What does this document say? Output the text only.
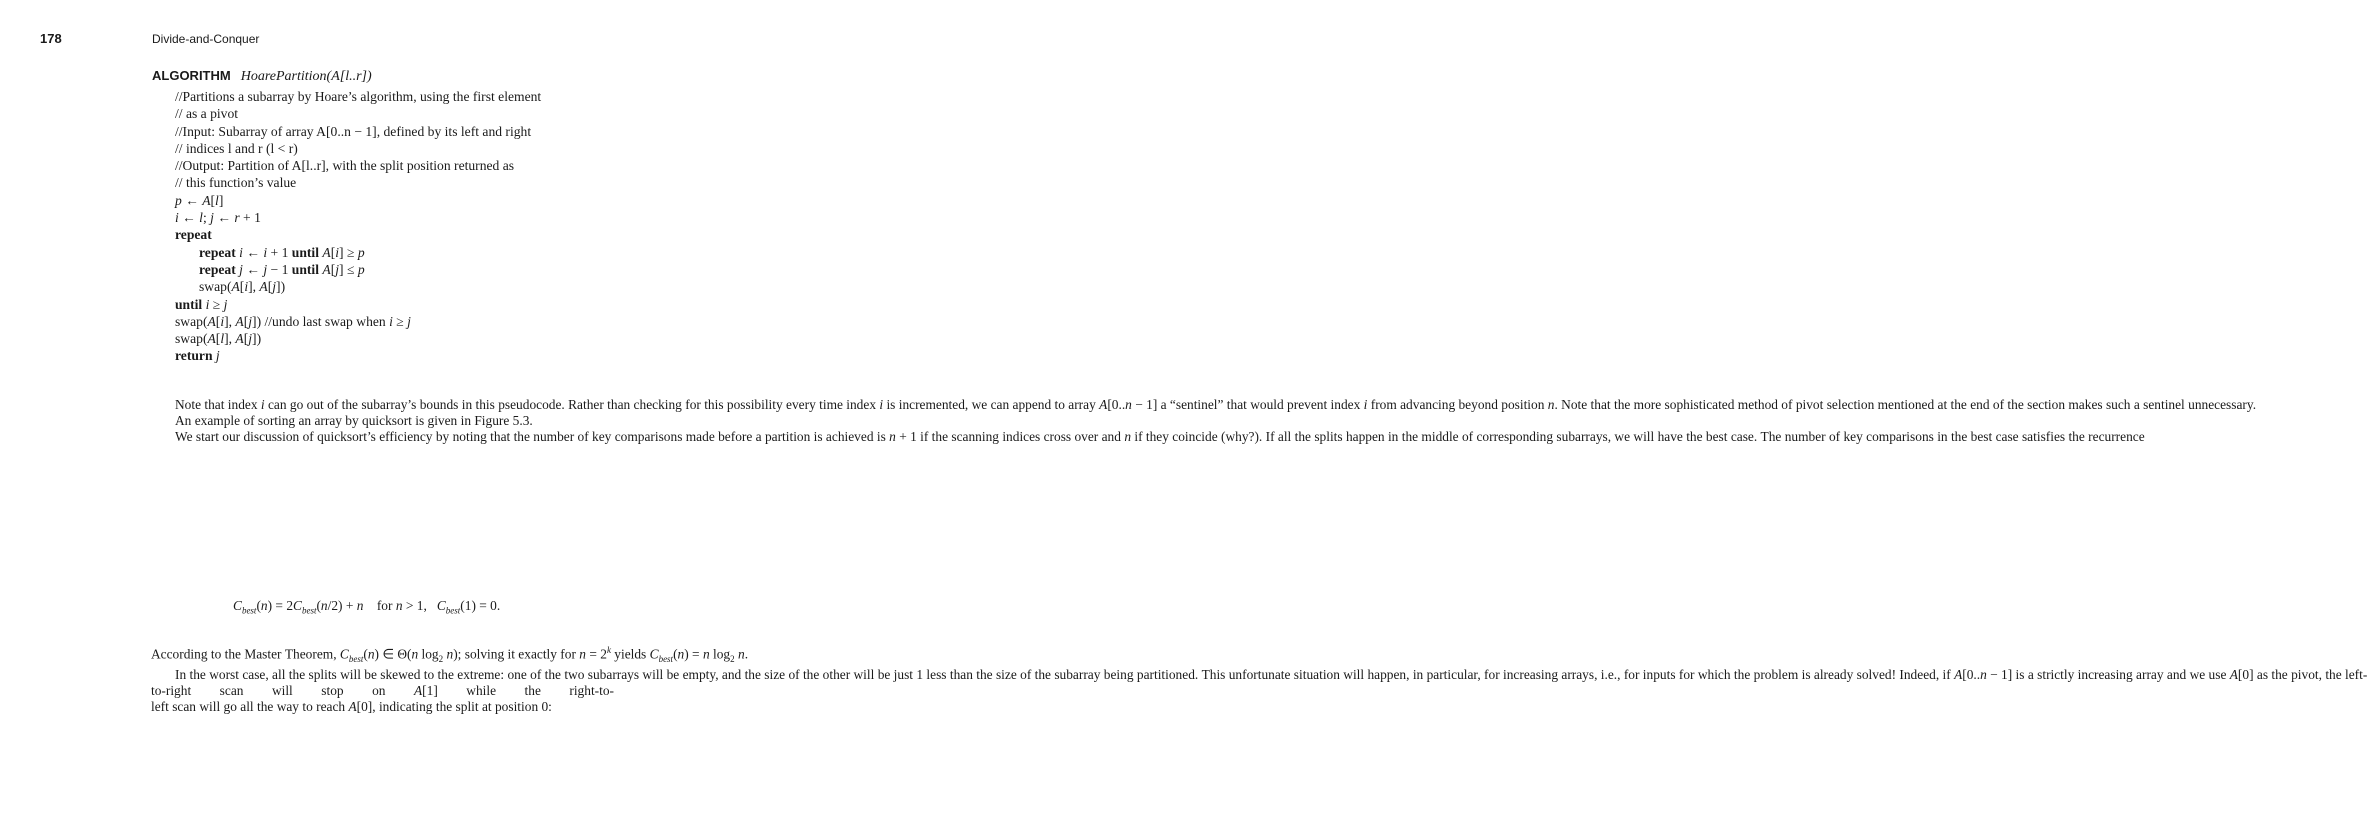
178	Divide-and-Conquer
ALGORITHM HoarePartition(A[l..r])
//Partitions a subarray by Hoare’s algorithm, using the first element
// as a pivot
//Input: Subarray of array A[0..n − 1], defined by its left and right
// indices l and r (l < r)
//Output: Partition of A[l..r], with the split position returned as
// this function’s value
p ← A[l]
i ← l; j ← r + 1
repeat
repeat i ← i + 1 until A[i] ≥ p
repeat j ← j − 1 until A[j] ≤ p
swap(A[i], A[j])
until i ≥ j
swap(A[i], A[j]) //undo last swap when i ≥ j
swap(A[l], A[j])
return j

Note that index i can go out of the subarray’s bounds in this pseudocode. Rather than checking for this possibility every time index i is incremented, we can append to array A[0..n − 1] a “sentinel” that would prevent index i from advancing beyond position n. Note that the more sophisticated method of pivot selection mentioned at the end of the section makes such a sentinel unnecessary.

An example of sorting an array by quicksort is given in Figure 5.3.

We start our discussion of quicksort’s efficiency by noting that the number of key comparisons made before a partition is achieved is n + 1 if the scanning indices cross over and n if they coincide (why?). If all the splits happen in the middle of corresponding subarrays, we will have the best case. The number of key comparisons in the best case satisfies the recurrence

$C_{best}(n) = 2C_{best}(n/2) + n$    for n > 1,   $C_{best}(1) = 0$.

According to the Master Theorem, $C_{best}(n)$ ∈ Θ(n $\log_2 n$); solving it exactly for $n = 2^k$ yields $C_{best}(n) = n$ $\log_2 n$.

In the worst case, all the splits will be skewed to the extreme: one of the two subarrays will be empty, and the size of the other will be just 1 less than the size of the subarray being partitioned. This unfortunate situation will happen, in particular, for increasing arrays, i.e., for inputs for which the problem is already solved! Indeed, if A[0..n − 1] is a strictly increasing array and we use A[0] as the pivot, the left-to-right scan will stop on A[1] while the right-to-left scan will go all the way to reach A[0], indicating the split at position 0:
